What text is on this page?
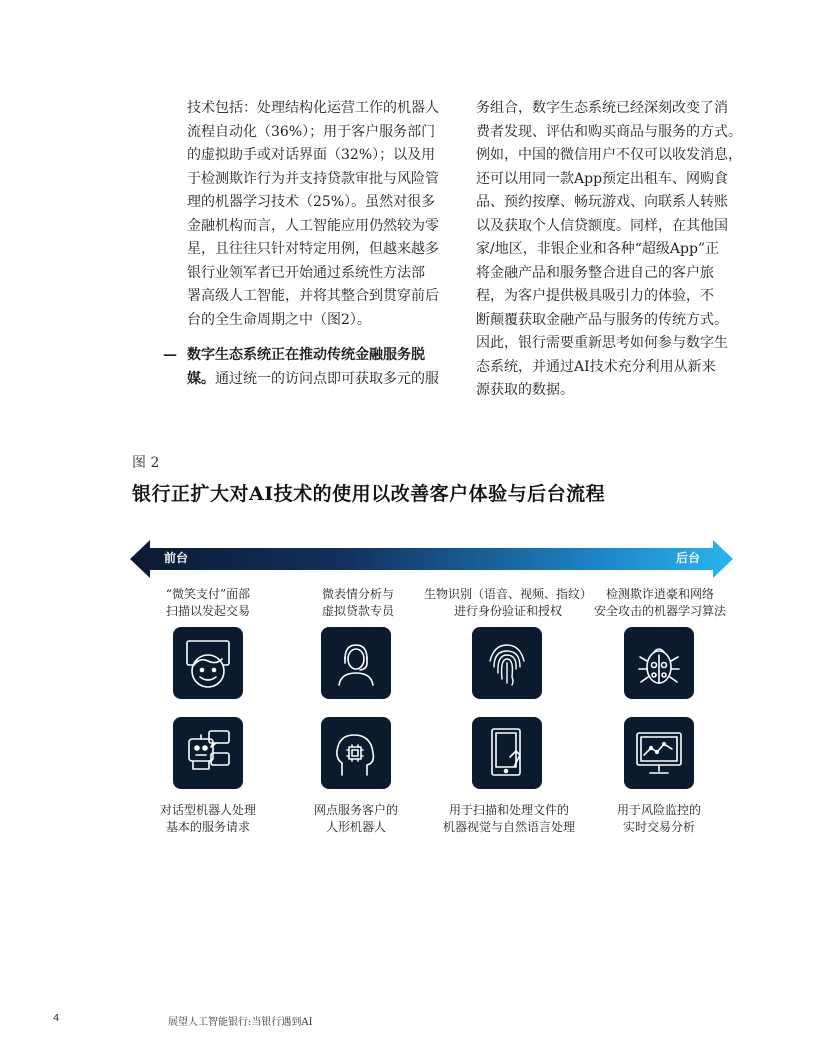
技术包括：处理结构化运营工作的机器人

流程自动化（36%）；用于客户服务部门

的虚拟助手或对话界面（32%）；以及用

于检测欺诈行为并支持贷款审批与风险管

理的机器学习技术（25%）。虽然对很多

金融机构而言，人工智能应用仍然较为零

星，且往往只针对特定用例，但越来越多

银行业领军者已开始通过系统性方法部

署高级人工智能，并将其整合到贯穿前后

台的全生命周期之中（图2）。

— 数字生态系统正在推动传统金融服务脱

媒。通过统一的访问点即可获取多元的服

务组合，数字生态系统已经深刻改变了消

费者发现、评估和购买商品与服务的方式。

例如，中国的微信用户不仅可以收发消息，

还可以用同一款App预定出租车、网购食

品、预约按摩、畅玩游戏、向联系人转账

以及获取个人信贷额度。同样，在其他国

家/地区，非银企业和各种“超级App”正

将金融产品和服务整合进自己的客户旅

程，为客户提供极具吸引力的体验，不

断颠覆获取金融产品与服务的传统方式。

因此，银行需要重新思考如何参与数字生

态系统，并通过AI技术充分利用从新来

源获取的数据。

图 2
银行正扩大对AI技术的使用以改善客户体验与后台流程
前台	后台
“微笑支付”面部
扫描以发起交易
微表情分析与
虚拟贷款专员
生物识别（语音、视频、指纹）
进行身份验证和授权
检测欺诈逍豪和网络
安全攻击的机器学习算法
对话型机器人处理
基本的服务请求
网点服务客户的
人形机器人
用于扫描和处理文件的
机器视觉与自然语言处理
用于风险监控的
实时交易分析
4	展望人工智能银行:当银行遇到AI
